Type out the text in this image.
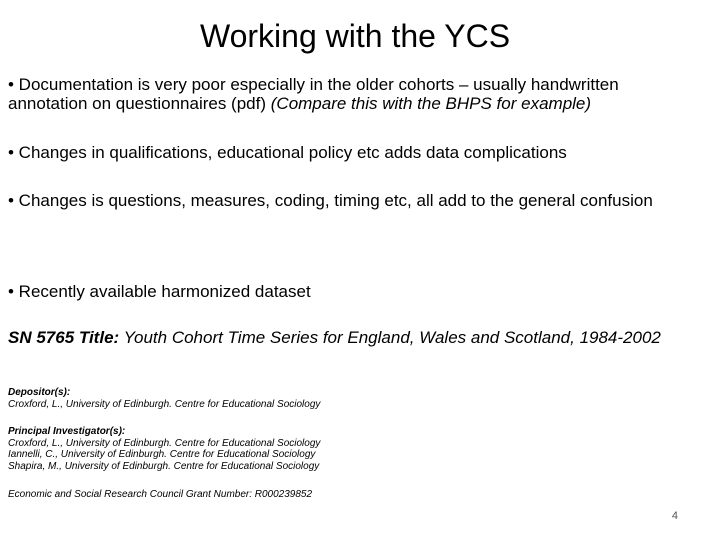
Working with the YCS
• Documentation is very poor especially in the older cohorts – usually handwritten annotation on questionnaires (pdf) (Compare this with the BHPS for example)
• Changes in qualifications, educational policy etc adds data complications
• Changes is questions, measures, coding, timing etc, all add to the general confusion
• Recently available harmonized dataset
SN 5765 Title: Youth Cohort Time Series for England, Wales and Scotland, 1984-2002
Depositor(s):
Croxford, L., University of Edinburgh. Centre for Educational Sociology
Principal Investigator(s):
Croxford, L., University of Edinburgh. Centre for Educational Sociology
Iannelli, C., University of Edinburgh. Centre for Educational Sociology
Shapira, M., University of Edinburgh. Centre for Educational Sociology
Economic and Social Research Council Grant Number: R000239852
4
